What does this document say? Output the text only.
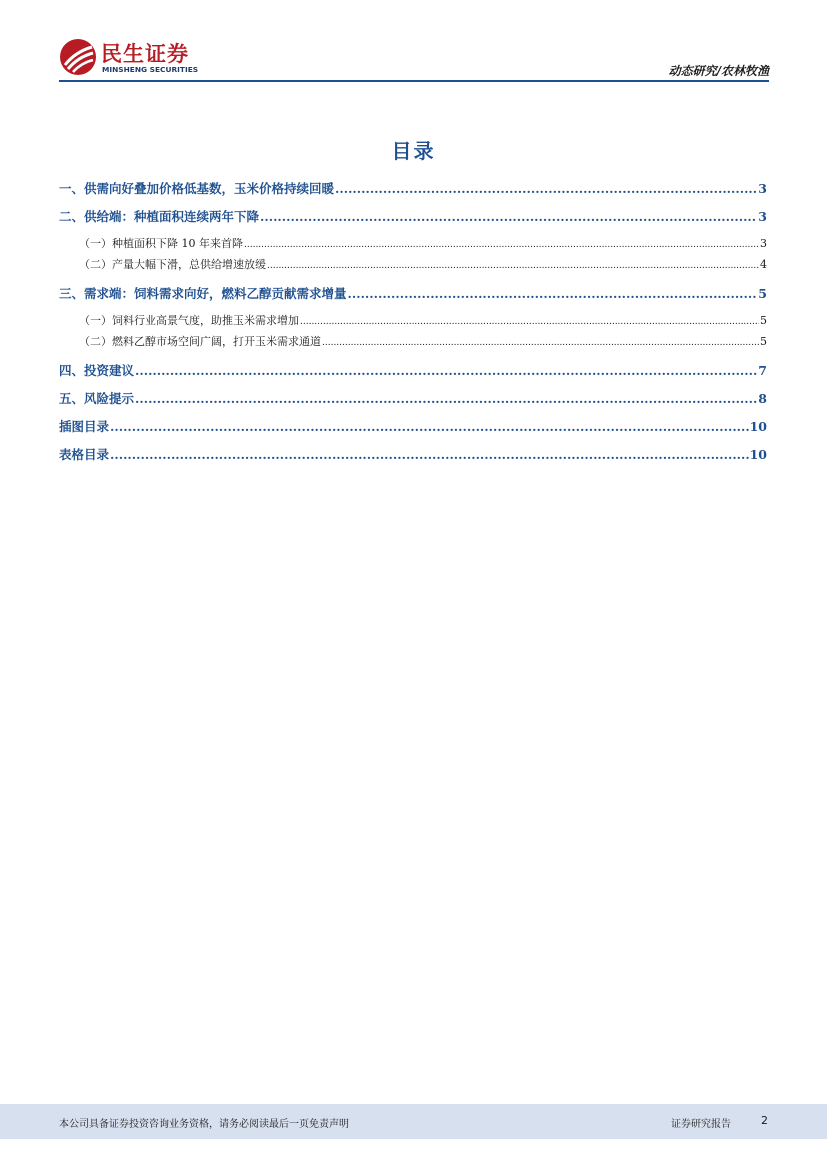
民生证券
MINSHENG SECURITIES	动态研究/农林牧渔
目录
一、供需向好叠加价格低基数，玉米价格持续回暖 .....	3
二、供给端：种植面积连续两年下降 .....	3
（一）种植面积下降 10 年来首降 .....	3
（二）产量大幅下滑，总供给增速放缓 .....	4
三、需求端：饲料需求向好，燃料乙醇贡献需求增量 .....	5
（一）饲料行业高景气度，助推玉米需求增加 .....	5
（二）燃料乙醇市场空间广阔，打开玉米需求通道 .....	5
四、投资建议 .....	7
五、风险提示 .....	8
插图目录 .....	10
表格目录 .....	10
本公司具备证券投资咨询业务资格，请务必阅读最后一页免责声明	证券研究报告	2
